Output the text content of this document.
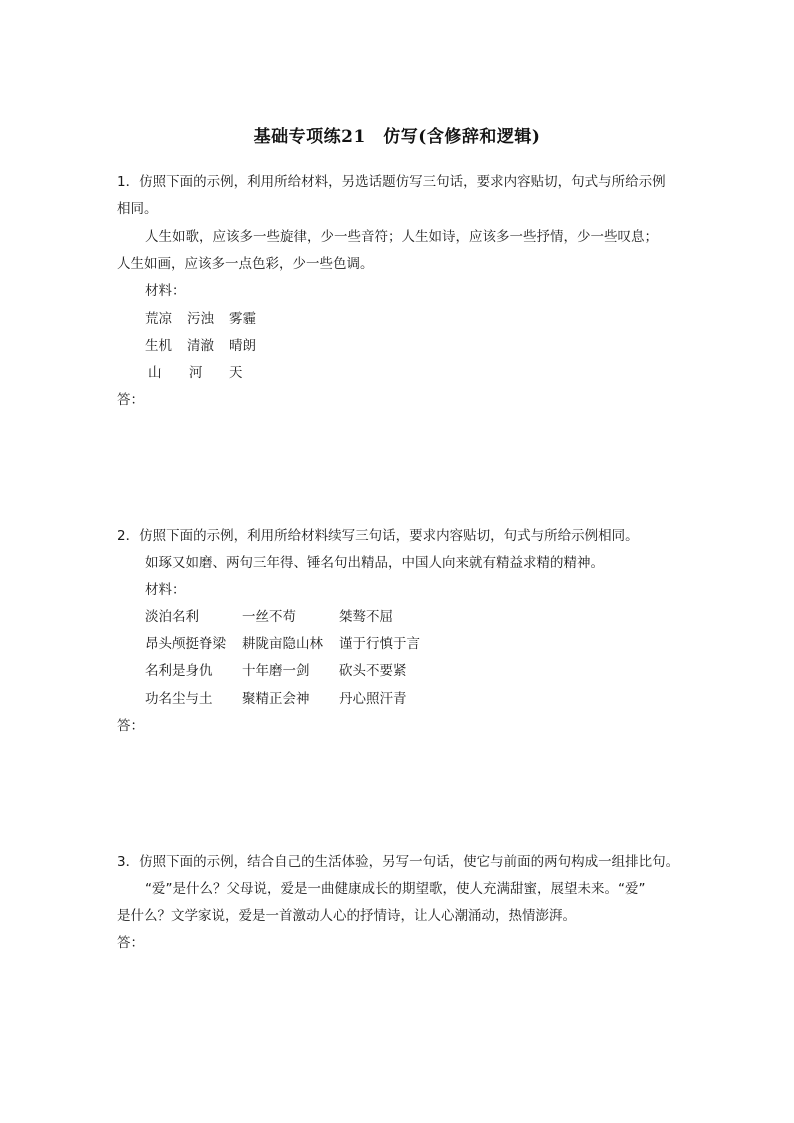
基础专项练21　仿写(含修辞和逻辑)
1．仿照下面的示例，利用所给材料，另选话题仿写三句话，要求内容贴切，句式与所给示例
相同。
人生如歌，应该多一些旋律，少一些音符；人生如诗，应该多一些抒情，少一些叹息；
人生如画，应该多一点色彩，少一些色调。
材料：
荒凉 污浊 雾霾
生机 清澈 晴朗
山 河 天
答：
2．仿照下面的示例，利用所给材料续写三句话，要求内容贴切，句式与所给示例相同。
如琢又如磨、两句三年得、锤名句出精品，中国人向来就有精益求精的精神。
材料：
淡泊名利	一丝不苟	桀骜不屈
昂头颅挺脊梁 耕陇亩隐山林 谨于行慎于言
名利是身仇 十年磨一剑 砍头不要紧
功名尘与土 聚精正会神 丹心照汗青
答：
3．仿照下面的示例，结合自己的生活体验，另写一句话，使它与前面的两句构成一组排比句。
“爱”是什么？父母说，爱是一曲健康成长的期望歌，使人充满甜蜜，展望未来。“爱”
是什么？文学家说，爱是一首激动人心的抒情诗，让人心潮涌动，热情澎湃。
答：
